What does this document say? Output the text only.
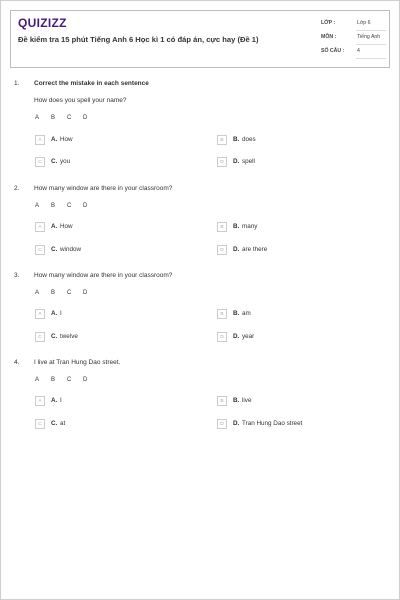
QUIZIZZ
Đề kiểm tra 15 phút Tiếng Anh 6 Học kì 1 có đáp án, cực hay (Đề 1)
LỚP :	Lớp 6
MÔN :	Tiếng Anh
SỐ CÂU : 4
1. Correct the mistake in each sentence
How does you spell your name?
A B C D
A	A. How	B	B. does
C	C. you	D	D. spell
2. How many window are there in your classroom?
A B C D
A	A. How	B	B. many
C	C. window	D	D. are there
3. How many window are there in your classroom?
A B C D
A	A. I	B	B. am
C	C. twelve	D	D. year
4. I live at Tran Hung Dao street.
A B C D
A	A. I	B	B. live
C	C. at	D	D. Tran Hung Dao street
